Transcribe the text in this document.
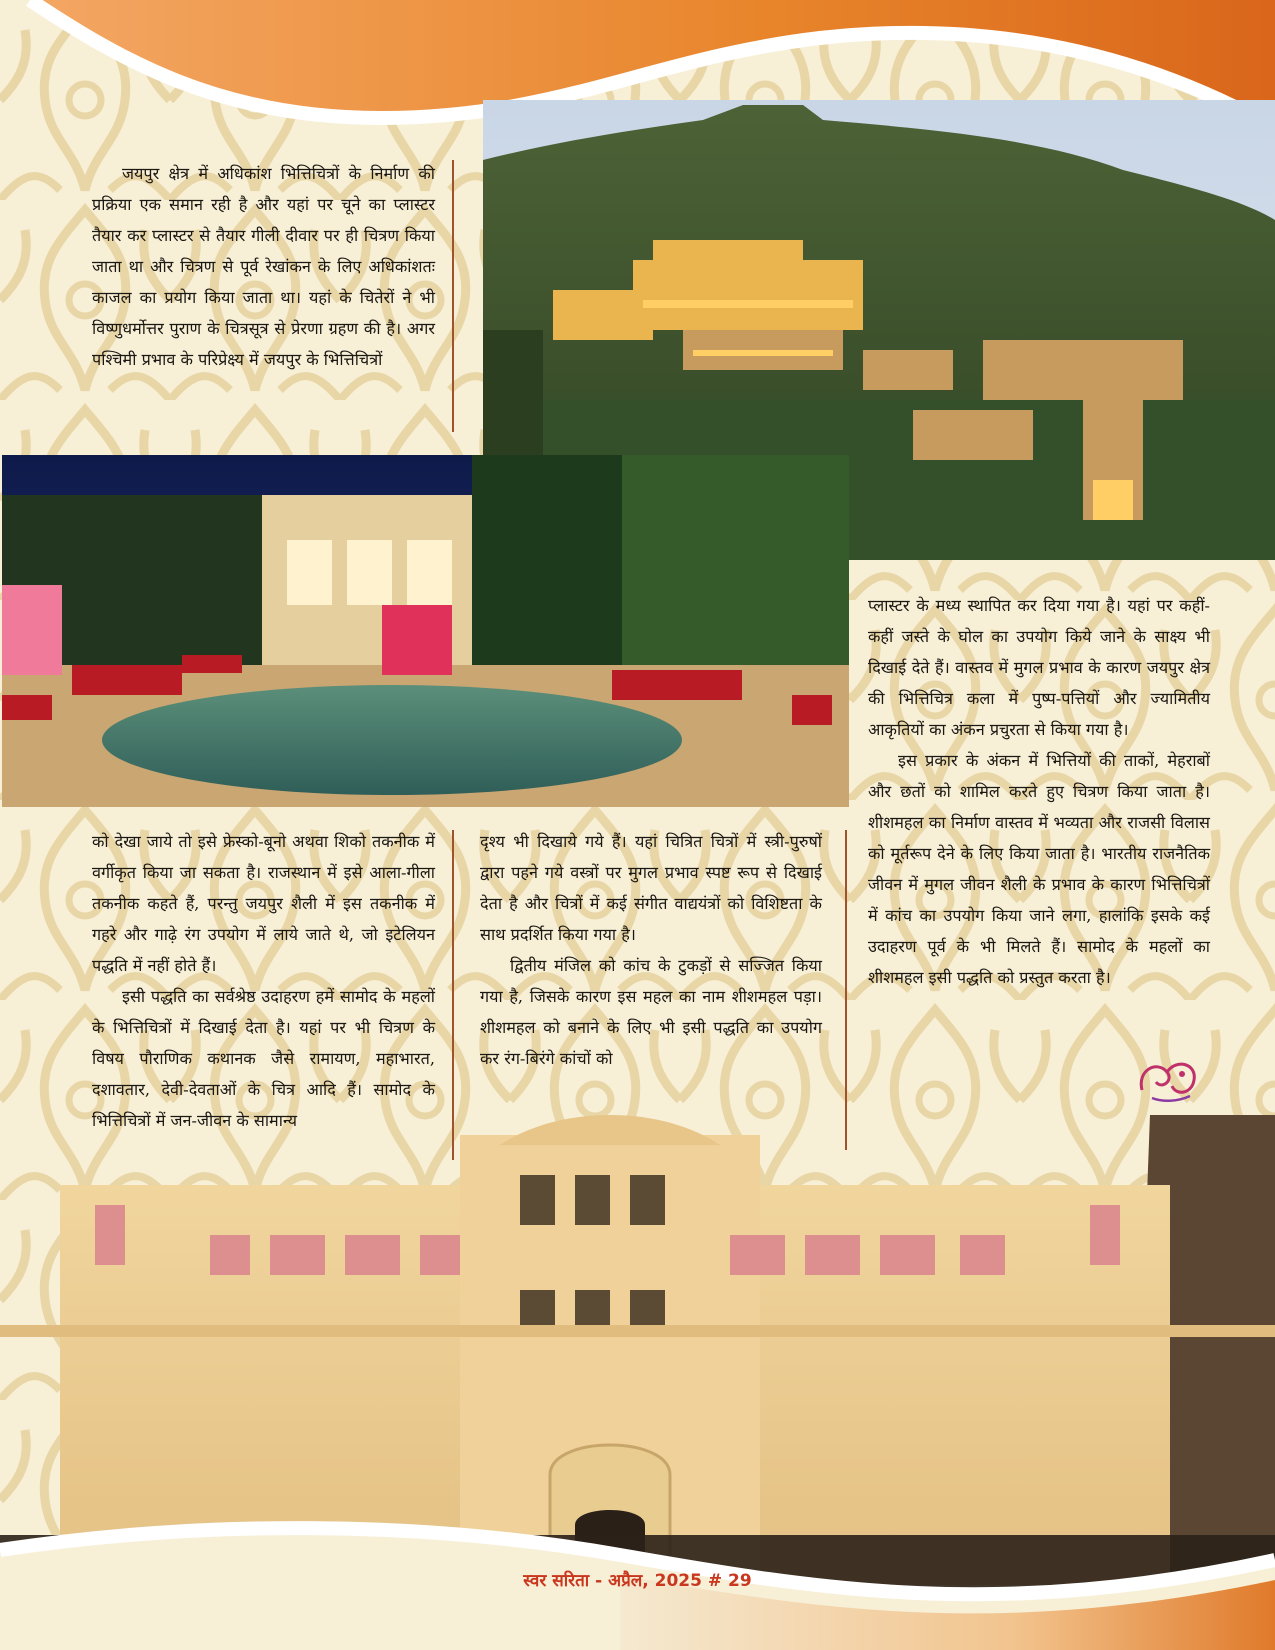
जयपुर क्षेत्र में अधिकांश भित्तिचित्रों के निर्माण की प्रक्रिया एक समान रही है और यहां पर चूने का प्लास्टर तैयार कर प्लास्टर से तैयार गीली दीवार पर ही चित्रण किया जाता था और चित्रण से पूर्व रेखांकन के लिए अधिकांशतः काजल का प्रयोग किया जाता था। यहां के चितेरों ने भी विष्णुधर्मोत्तर पुराण के चित्रसूत्र से प्रेरणा ग्रहण की है। अगर पश्चिमी प्रभाव के परिप्रेक्ष्य में जयपुर के भित्तिचित्रों

प्लास्टर के मध्य स्थापित कर दिया गया है। यहां पर कहीं-कहीं जस्ते के घोल का उपयोग किये जाने के साक्ष्य भी दिखाई देते हैं। वास्तव में मुगल प्रभाव के कारण जयपुर क्षेत्र की भित्तिचित्र कला में पुष्प-पत्तियों और ज्यामितीय आकृतियों का अंकन प्रचुरता से किया गया है।

इस प्रकार के अंकन में भित्तियों की ताकों, मेहराबों और छतों को शामिल करते हुए चित्रण किया जाता है। शीशमहल का निर्माण वास्तव में भव्यता और राजसी विलास को मूर्तरूप देने के लिए किया जाता है। भारतीय राजनैतिक जीवन में मुगल जीवन शैली के प्रभाव के कारण भित्तिचित्रों में कांच का उपयोग किया जाने लगा, हालांकि इसके कई उदाहरण पूर्व के भी मिलते हैं। सामोद के महलों का शीशमहल इसी पद्धति को प्रस्तुत करता है।

को देखा जाये तो इसे फ्रेस्को-बूनो अथवा शिको तकनीक में वर्गीकृत किया जा सकता है। राजस्थान में इसे आला-गीला तकनीक कहते हैं, परन्तु जयपुर शैली में इस तकनीक में गहरे और गाढ़े रंग उपयोग में लाये जाते थे, जो इटेलियन पद्धति में नहीं होते हैं।

इसी पद्धति का सर्वश्रेष्ठ उदाहरण हमें सामोद के महलों के भित्तिचित्रों में दिखाई देता है। यहां पर भी चित्रण के विषय पौराणिक कथानक जैसे रामायण, महाभारत, दशावतार, देवी-देवताओं के चित्र आदि हैं। सामोद के भित्तिचित्रों में जन-जीवन के सामान्य

दृश्य भी दिखाये गये हैं। यहां चित्रित चित्रों में स्त्री-पुरुषों द्वारा पहने गये वस्त्रों पर मुगल प्रभाव स्पष्ट रूप से दिखाई देता है और चित्रों में कई संगीत वाद्ययंत्रों को विशिष्टता के साथ प्रदर्शित किया गया है।

द्वितीय मंजिल को कांच के टुकड़ों से सज्जित किया गया है, जिसके कारण इस महल का नाम शीशमहल पड़ा। शीशमहल को बनाने के लिए भी इसी पद्धति का उपयोग कर रंग-बिरंगे कांचों को

स्वर सरिता - अप्रैल, 2025 # 29
